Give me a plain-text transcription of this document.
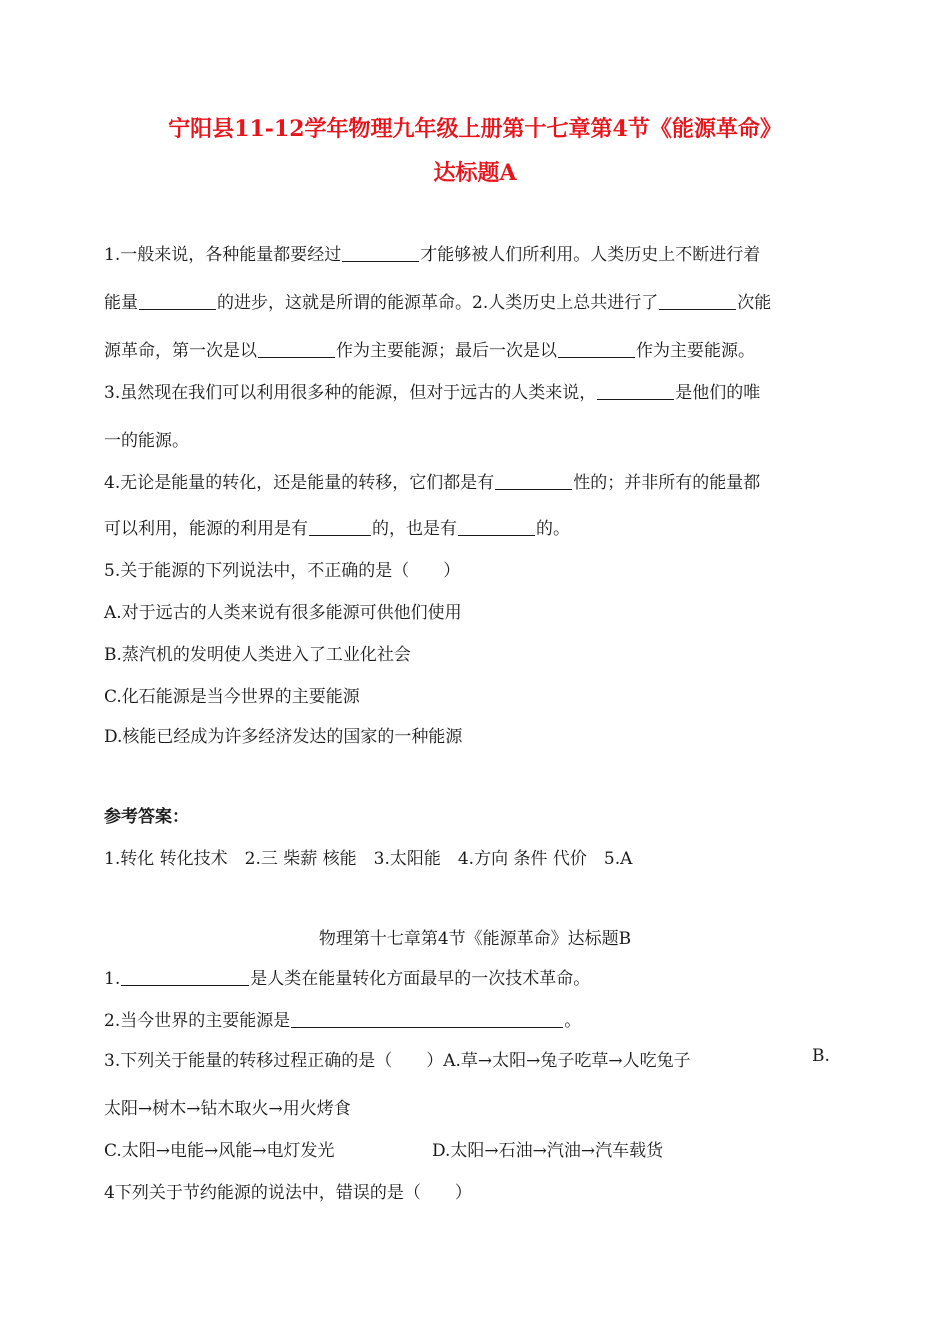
宁阳县11-12学年物理九年级上册第十七章第4节《能源革命》
达标题A

1.一般来说，各种能量都要经过	才能够被人们所利用。人类历史上不断进行着

能量	的进步，这就是所谓的能源革命。2.人类历史上总共进行了	次能

源革命，第一次是以	作为主要能源；最后一次是以	作为主要能源。

3.虽然现在我们可以利用很多种的能源，但对于远古的人类来说，	是他们的唯

一的能源。

4.无论是能量的转化，还是能量的转移，它们都是有	性的；并非所有的能量都

可以利用，能源的利用是有	的，也是有	的。

5.关于能源的下列说法中，不正确的是（　　）

A.对于远古的人类来说有很多能源可供他们使用

B.蒸汽机的发明使人类进入了工业化社会

C.化石能源是当今世界的主要能源

D.核能已经成为许多经济发达的国家的一种能源

参考答案：

1.转化 转化技术　2.三 柴薪 核能　3.太阳能　4.方向 条件 代价　5.A

物理第十七章第4节《能源革命》达标题B

1.	是人类在能量转化方面最早的一次技术革命。

2.当今世界的主要能源是	。

3.下列关于能量的转移过程正确的是（　　）A.草→太阳→兔子吃草→人吃兔子	B.

太阳→树木→钻木取火→用火烤食

C.太阳→电能→风能→电灯发光	D.太阳→石油→汽油→汽车载货

4下列关于节约能源的说法中，错误的是（　　）
